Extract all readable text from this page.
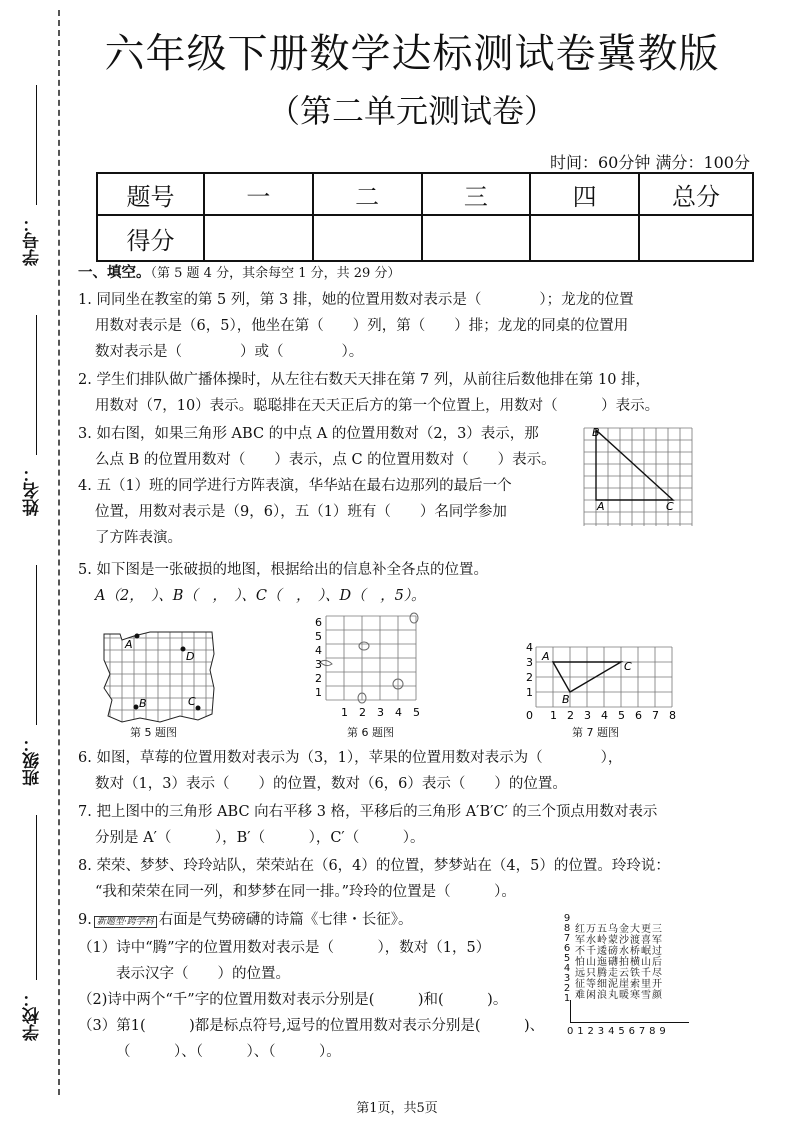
学号：
姓名：
班级：
学校：
六年级下册数学达标测试卷冀教版
（第二单元测试卷）
时间：60分钟 满分：100分
题号	一	二	三	四	总分
得分					
一、填空。（第 5 题 4 分，其余每空 1 分，共 29 分）
1. 同同坐在教室的第 5 列，第 3 排，她的位置用数对表示是（　　　　）；龙龙的位置
用数对表示是（6，5），他坐在第（　　）列，第（　　）排；龙龙的同桌的位置用
数对表示是（　　　　）或（　　　　）。
2. 学生们排队做广播体操时，从左往右数天天排在第 7 列，从前往后数他排在第 10 排，
用数对（7，10）表示。聪聪排在天天正后方的第一个位置上，用数对（　　　）表示。
3. 如右图，如果三角形 ABC 的中点 A 的位置用数对（2，3）表示，那
么点 B 的位置用数对（　　）表示，点 C 的位置用数对（　　）表示。
4. 五（1）班的同学进行方阵表演，华华站在最右边那列的最后一个
位置，用数对表示是（9，6），五（1）班有（　　）名同学参加
了方阵表演。
B
A	C
5. 如下图是一张破损的地图，根据给出的信息补全各点的位置。
A（2，　）、B（　，　）、C（　，　）、D（　，5）。
A
B	C
D
第 5 题图
6
5
4
3
2
1
1 2 3 4 5
第 6 题图
A
B
C
4
3
2
1
0 1 2 3 4 5 6 7 8
第 7 题图
6. 如图，草莓的位置用数对表示为（3，1），苹果的位置用数对表示为（　　　　），
数对（1，3）表示（　　）的位置，数对（6，6）表示（　　）的位置。
7. 把上图中的三角形 ABC 向右平移 3 格，平移后的三角形 A′B′C′ 的三个顶点用数对表示
分别是 A′（　　　），B′（　　　），C′（　　　）。
8. 荣荣、梦梦、玲玲站队，荣荣站在（6，4）的位置，梦梦站在（4，5）的位置。玲玲说：
“我和荣荣在同一列，和梦梦在同一排。”玲玲的位置是（　　　）。
9. 新题型·跨学科 右面是气势磅礴的诗篇《七律・长征》。
（1）诗中“腾”字的位置用数对表示是（　　　），数对（1，5）
表示汉字（　　）的位置。
（2)诗中两个“千”字的位置用数对表示分别是(　　　)和(　　　)。
（3）第1(　　　)都是标点符号,逗号的位置用数对表示分别是(　　　)、
（　　　）、（　　　）、（　　　）。
9
8
7
6
5
4
3
2
1
红万五乌金大更三
军水岭蒙沙渡喜军
不千逶磅水桥岷过
怕山迤礴拍横山后
远只腾走云铁千尽
征等细泥崖索里开
难闲浪丸暖寒雪颜
0123456789
第1页，共5页
